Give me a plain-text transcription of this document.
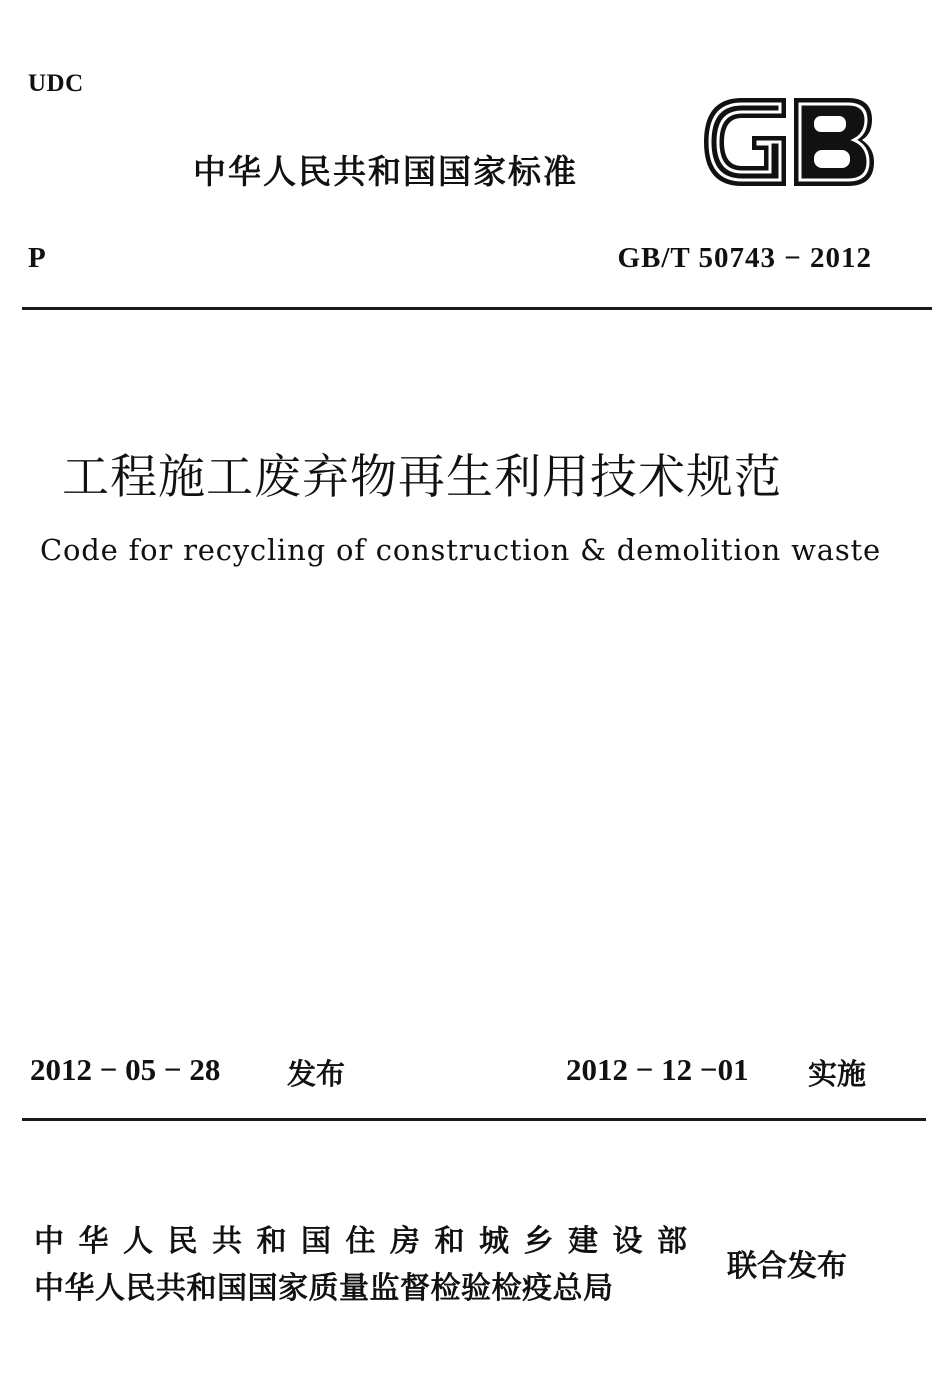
UDC
中华人民共和国国家标准
P	GB/T 50743 − 2012
工程施工废弃物再生利用技术规范
Code for recycling of construction & demolition waste
2012 − 05 − 28 发布	2012 − 12 −01 实施
中华人民共和国住房和城乡建设部
中华人民共和国国家质量监督检验检疫总局
联合发布
